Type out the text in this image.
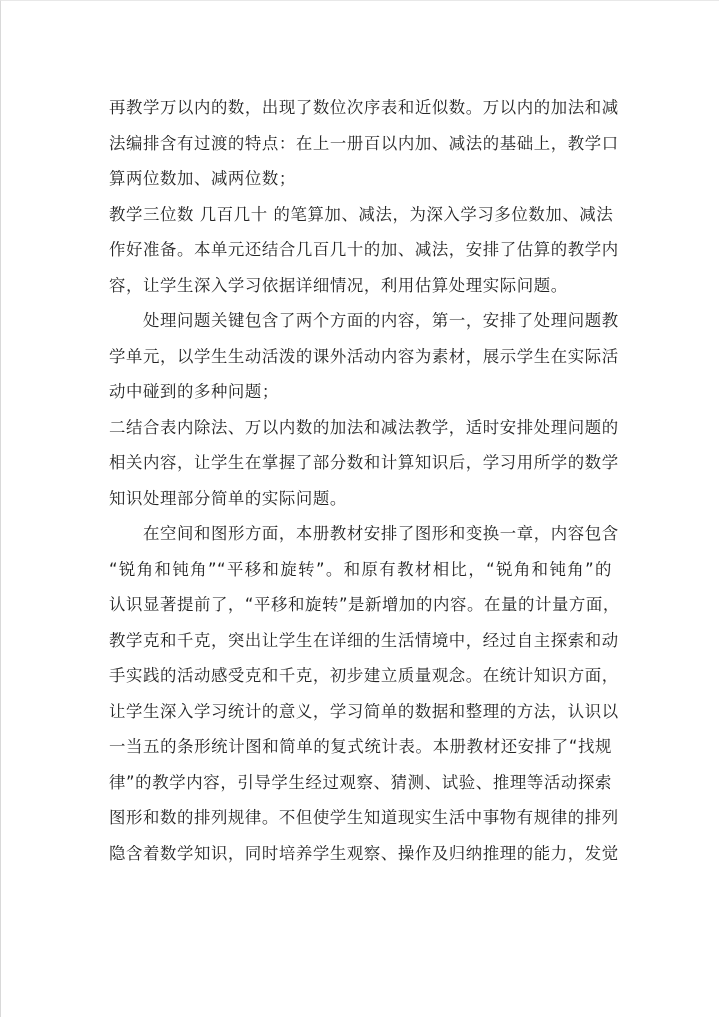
再教学万以内的数，出现了数位次序表和近似数。万以内的加法和减
法编排含有过渡的特点：在上一册百以内加、减法的基础上，教学口
算两位数加、减两位数；
教学三位数 几百几十 的笔算加、减法，为深入学习多位数加、减法
作好准备。本单元还结合几百几十的加、减法，安排了估算的教学内
容，让学生深入学习依据详细情况，利用估算处理实际问题。
处理问题关键包含了两个方面的内容，第一，安排了处理问题教
学单元，以学生生动活泼的课外活动内容为素材，展示学生在实际活
动中碰到的多种问题；
二结合表内除法、万以内数的加法和减法教学，适时安排处理问题的
相关内容，让学生在掌握了部分数和计算知识后，学习用所学的数学
知识处理部分简单的实际问题。
在空间和图形方面，本册教材安排了图形和变换一章，内容包含
“锐角和钝角”“平移和旋转”。和原有教材相比，“锐角和钝角”的
认识显著提前了，“平移和旋转”是新增加的内容。在量的计量方面，
教学克和千克，突出让学生在详细的生活情境中，经过自主探索和动
手实践的活动感受克和千克，初步建立质量观念。在统计知识方面，
让学生深入学习统计的意义，学习简单的数据和整理的方法，认识以
一当五的条形统计图和简单的复式统计表。本册教材还安排了“找规
律”的教学内容，引导学生经过观察、猜测、试验、推理等活动探索
图形和数的排列规律。不但使学生知道现实生活中事物有规律的排列
隐含着数学知识，同时培养学生观察、操作及归纳推理的能力，发觉
